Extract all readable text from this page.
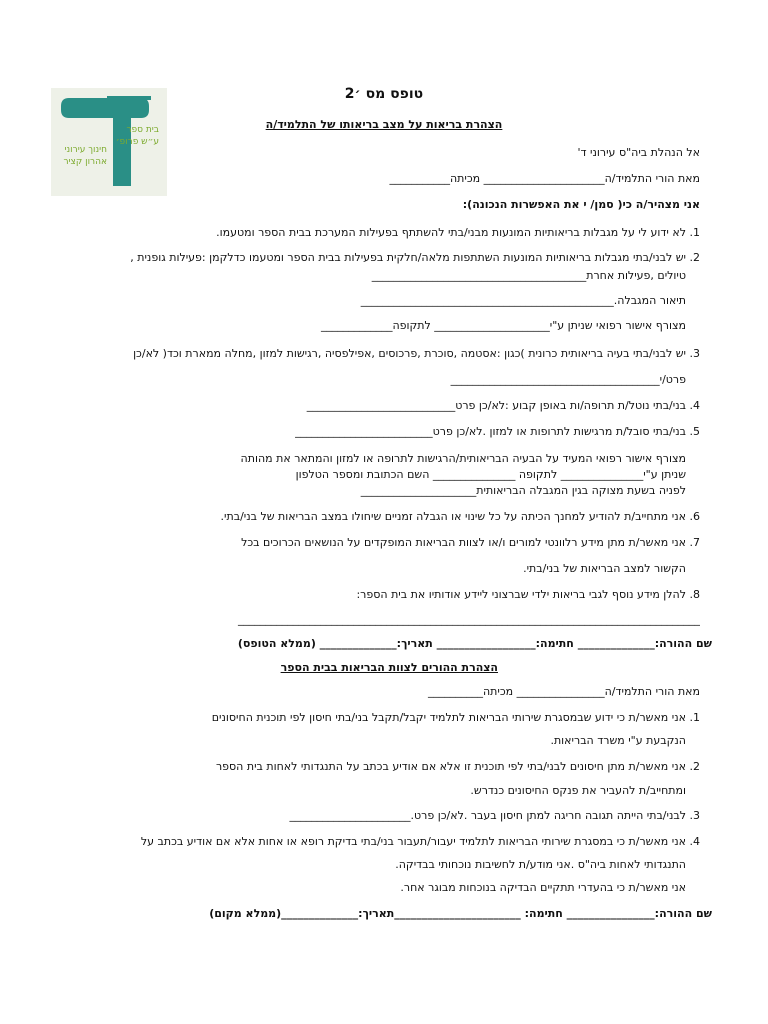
בית ספר
ע״ש פרופ׳
חינוך עירוני
אהרון קציר
טופס מס ׳2
הצהרת בריאות על מצב בריאותו של התלמיד/ה
אל הנהלת ביה"ס עירוני ד'
מאת הורי התלמיד/ה______________________ מכיתה___________
אני מצהיר/ה כי( סמן/ י את האפשרות הנכונה):
1. לא ידוע לי על מגבלות בריאותיות המונעות מבני/בתי להשתתף בפעילות המערכת בבית הספר ומטעמו.
2. יש לבני/בתי מגבלות בריאותיות המונעות השתתפות מלאה/חלקית בפעילות בבית הספר ומטעמו כדלקמן :פעילות גופנית ,
טיולים ,פעילות אחרת_______________________________________
תיאור המגבלה.______________________________________________
מצורף אישור רפואי שניתן ע"י_____________________ לתקופה_____________
3. יש לבני/בתי בעיה בריאותית כרונית )כגון :אסטמה ,סוכרת ,פרכוסים ,אפילפסיה ,רגישות למזון ,מחלה ממארת וכד( לא/כן
פרט/י______________________________________
4. בני/בתי נוטל/ת תרופה/ות באופן קבוע :לא/כן פרט___________________________
5. בני/בתי סובל/ת מרגישות לתרופות או למזון .לא/כן פרט_________________________
מצורף אישור רפואי המעיד על הבעיה הבריאותית/הרגישות לתרופה או למזון והמתאר את מהותה
שניתן ע"י_______________ לתקופה _______________ השם הכתובת ומספר הטלפון
לפניה בשעת מצוקה בגין המגבלה הבריאותית_____________________
6. אני מתחייב/ת להודיע למחנך הכיתה על כל שינוי או הגבלה זמניים שיחולו במצב הבריאות של בני/בתי.
7. אני מאשר/ת מתן מידע רלוונטי למורים ו/או לצוות הבריאות המופקדים על הנושאים הכרוכים בכל
הקשור למצב הבריאות של בני/בתי.
8. להלן מידע נוסף לגבי בריאות ילדי שברצוני ליידע אודותיו את בית הספר:
____________________________________________________________________________________
שם ההורה:______________ חתימה:__________________ תאריך:______________ (ממלא הטופס)
הצהרת ההורים לצוות הבריאות בבית הספר
מאת הורי התלמיד/ה________________ מכיתה__________
1. אני מאשר/ת כי ידוע שבמסגרת שירותי הבריאות לתלמיד יקבל/תקבל בני/בתי חיסון לפי תוכנית החיסונים
הנקבעת ע"י משרד הבריאות.
2. אני מאשר/ת מתן חיסונים לבני/בתי לפי תוכנית זו אלא אם אודיע בכתב על התנגדותי לאחות בית הספר
ומתחייב/ת להעביר את פנקס החיסונים כנדרש.
3. לבני/בתי הייתה תגובה חריגה למתן חיסון בעבר .לא/כן פרט.______________________
4. אני מאשר/ת כי במסגרת שירותי הבריאות לתלמיד יעבור/תעבור בני/בתי בדיקת רופא או אחות אלא אם אודיע בכתב על
התנגדותי לאחות ביה"ס .אני מודע/ת לחשיבות נוכחותי בבדיקה.
אני מאשר/ת כי בהעדרי תתקיים הבדיקה בנוכחות מבוגר אחר.
שם ההורה:________________ חתימה: _______________________תאריך:______________(ממלא מקום)
